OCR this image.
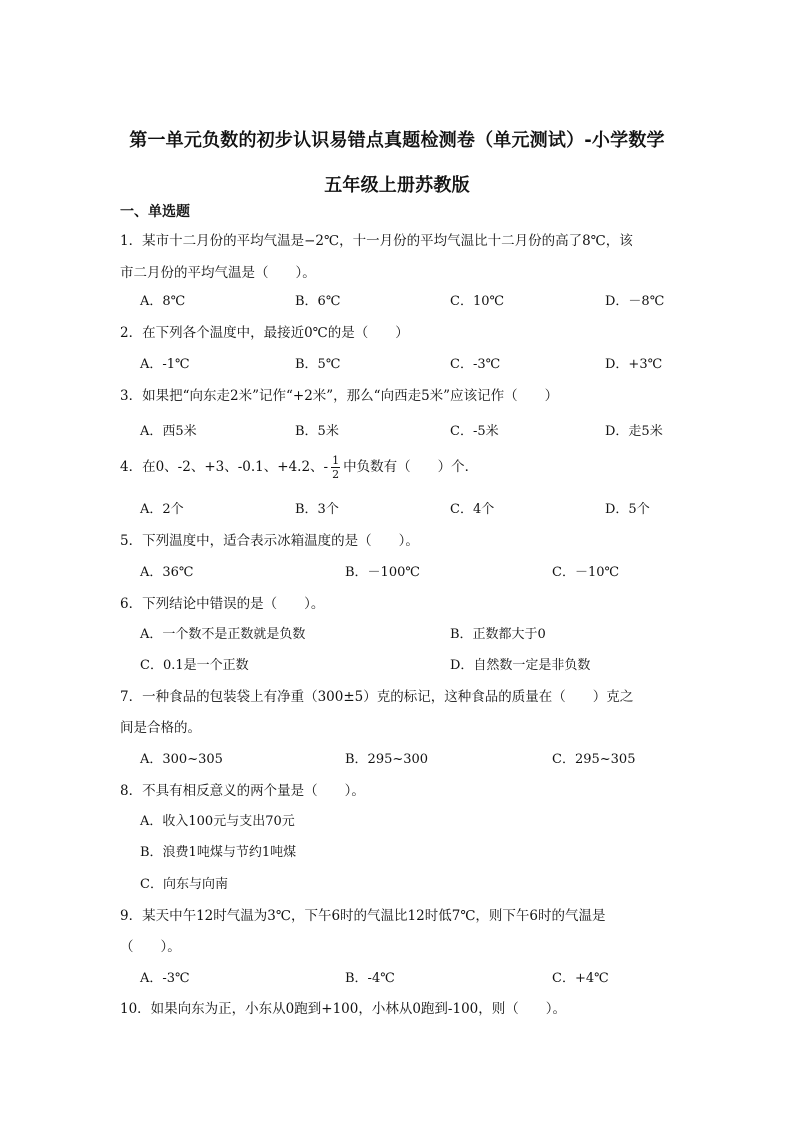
第一单元负数的初步认识易错点真题检测卷（单元测试）-小学数学
五年级上册苏教版
一、单选题
1．某市十二月份的平均气温是−2℃，十一月份的平均气温比十二月份的高了8℃，该
市二月份的平均气温是（　　）。
A．8℃	B．6℃	C．10℃	D．－8℃
2．在下列各个温度中，最接近0℃的是（　　）
A．-1℃	B．5℃	C．-3℃	D．+3℃
3．如果把“向东走2米”记作“+2米”，那么“向西走5米”应该记作（　　）
A．西5米	B．5米	C．-5米	D．走5米
4．在0、-2、+3、-0.1、+4.2、- $\frac{1}{2}$ 中负数有（　　）个．
A．2个	B．3个	C．4个	D．5个
5．下列温度中，适合表示冰箱温度的是（　　）。
A．36℃	B．－100℃	C．－10℃
6．下列结论中错误的是（　　）。
A．一个数不是正数就是负数	B．正数都大于0
C．0.1是一个正数	D．自然数一定是非负数
7．一种食品的包装袋上有净重（300±5）克的标记，这种食品的质量在（　　）克之
间是合格的。
A．300~305	B．295~300	C．295~305
8．不具有相反意义的两个量是（　　）。
A．收入100元与支出70元
B．浪费1吨煤与节约1吨煤
C．向东与向南
9．某天中午12时气温为3℃，下午6时的气温比12时低7℃，则下午6时的气温是
（　　）。
A．-3℃	B．-4℃	C．+4℃
10．如果向东为正，小东从0跑到+100，小林从0跑到-100，则（　　）。
